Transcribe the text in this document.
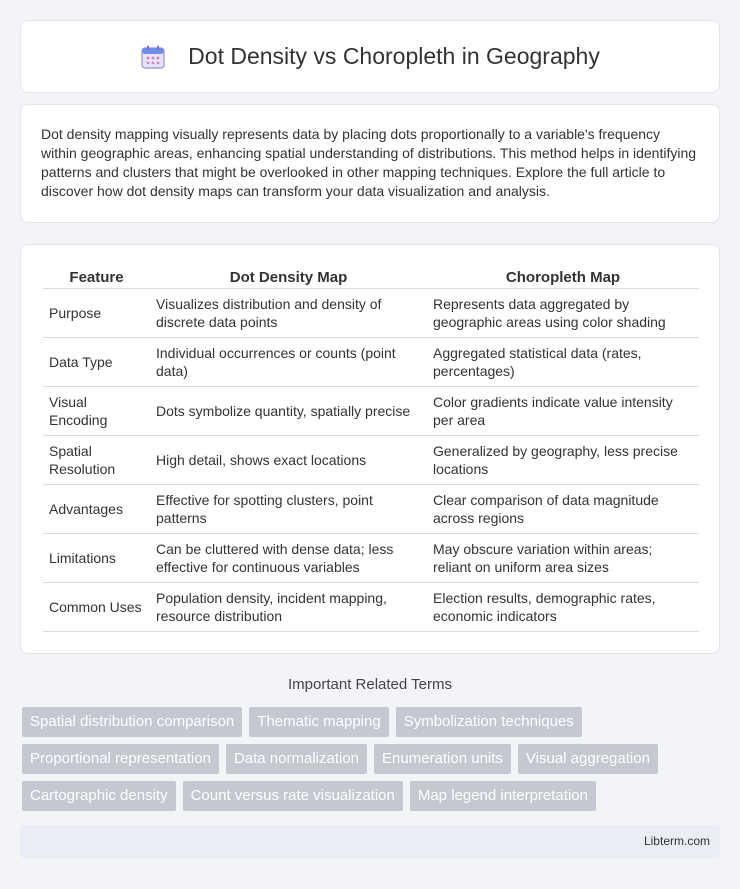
Dot Density vs Choropleth in Geography

Dot density mapping visually represents data by placing dots proportionally to a variable's frequency within geographic areas, enhancing spatial understanding of distributions. This method helps in identifying patterns and clusters that might be overlooked in other mapping techniques. Explore the full article to discover how dot density maps can transform your data visualization and analysis.

Feature	Dot Density Map	Choropleth Map
Purpose	Visualizes distribution and density of discrete data points	Represents data aggregated by geographic areas using color shading
Data Type	Individual occurrences or counts (point data)	Aggregated statistical data (rates, percentages)
Visual Encoding	Dots symbolize quantity, spatially precise	Color gradients indicate value intensity per area
Spatial Resolution	High detail, shows exact locations	Generalized by geography, less precise locations
Advantages	Effective for spotting clusters, point patterns	Clear comparison of data magnitude across regions
Limitations	Can be cluttered with dense data; less effective for continuous variables	May obscure variation within areas; reliant on uniform area sizes
Common Uses	Population density, incident mapping, resource distribution	Election results, demographic rates, economic indicators
Important Related Terms
Spatial distribution comparison	Thematic mapping	Symbolization techniques
Proportional representation	Data normalization	Enumeration units	Visual aggregation
Cartographic density	Count versus rate visualization	Map legend interpretation
Libterm.com
